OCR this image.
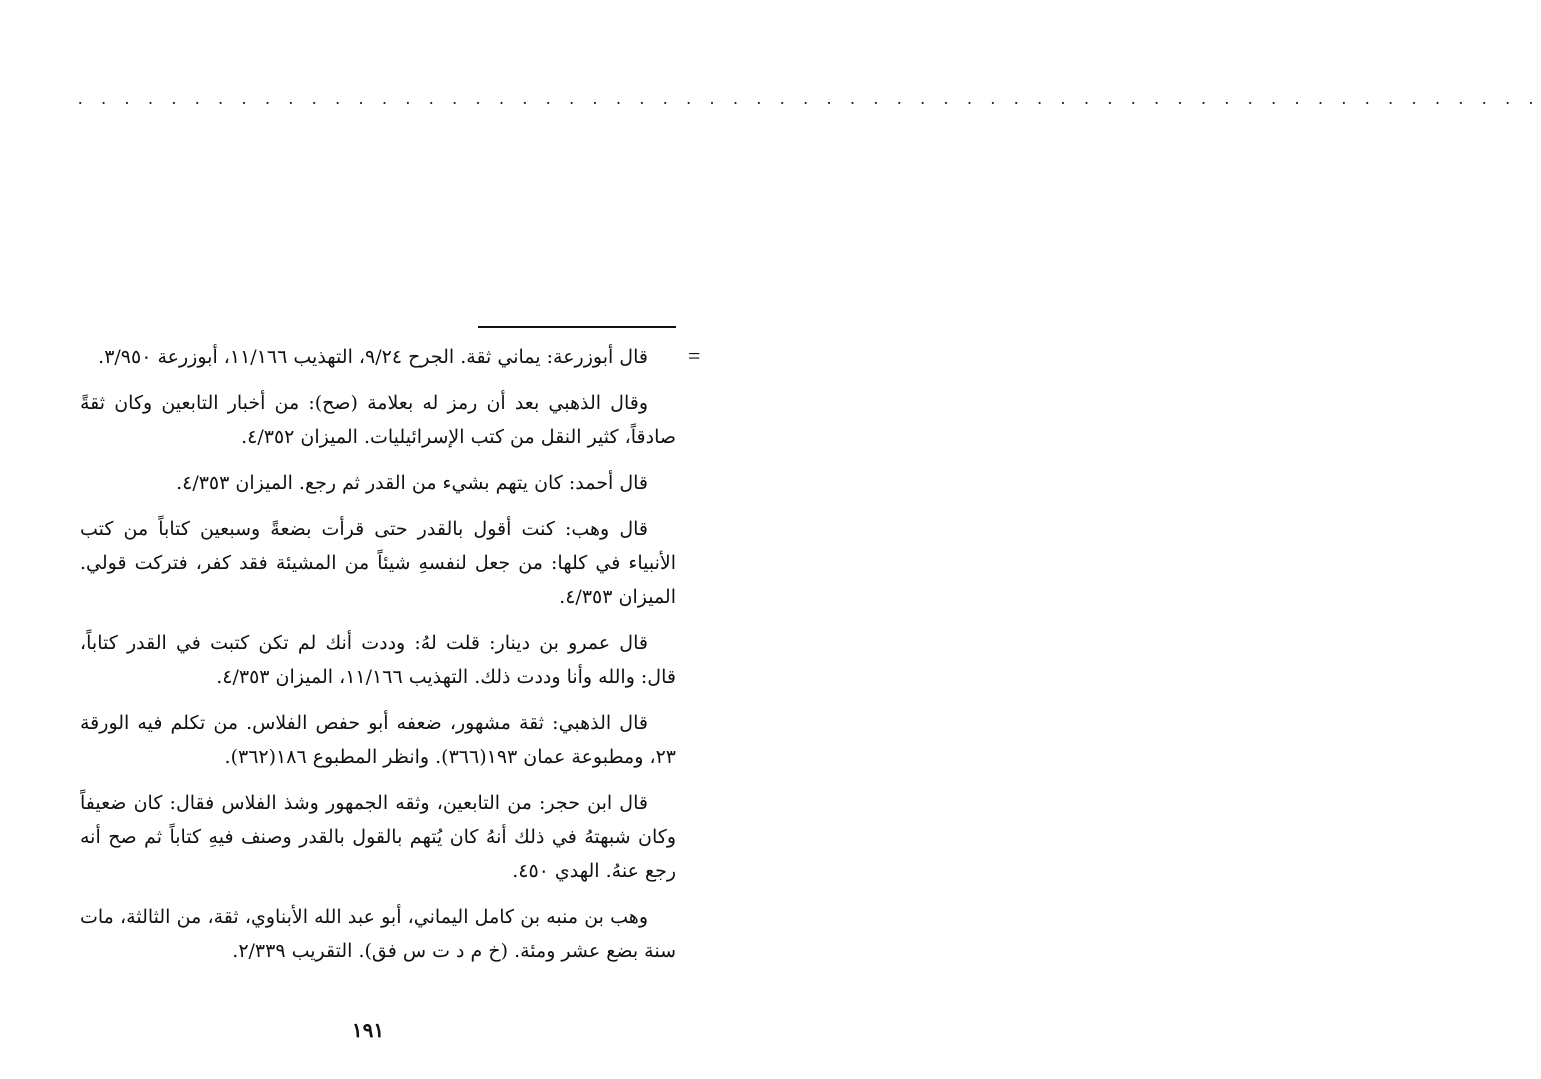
. . . . . . . . . . . . . . . . . . . . . . . . . . . . . . . . . . . . . . . . . . . . . . . . . . . . . . . . . . . . . . .
=

قال أبوزرعة: يماني ثقة. الجرح ٩/٢٤، التهذيب ١١/١٦٦، أبوزرعة ٣/٩٥٠.

وقال الذهبي بعد أن رمز له بعلامة (صح): من أخبار التابعين وكان ثقةً صادقاً، كثير النقل من كتب الإسرائيليات. الميزان ٤/٣٥٢.

قال أحمد: كان يتهم بشيء من القدر ثم رجع. الميزان ٤/٣٥٣.

قال وهب: كنت أقول بالقدر حتى قرأت بضعةً وسبعين كتاباً من كتب الأنبياء في كلها: من جعل لنفسهِ شيئاً من المشيئة فقد كفر، فتركت قولي. الميزان ٤/٣٥٣.

قال عمرو بن دينار: قلت لهُ: وددت أنك لم تكن كتبت في القدر كتاباً، قال: والله وأنا وددت ذلك. التهذيب ١١/١٦٦، الميزان ٤/٣٥٣.

قال الذهبي: ثقة مشهور، ضعفه أبو حفص الفلاس. من تكلم فيه الورقة ٢٣، ومطبوعة عمان ١٩٣(٣٦٦). وانظر المطبوع ١٨٦(٣٦٢).

قال ابن حجر: من التابعين، وثقه الجمهور وشذ الفلاس فقال: كان ضعيفاً وكان شبهتهُ في ذلك أنهُ كان يُتهم بالقول بالقدر وصنف فيهِ كتاباً ثم صح أنه رجع عنهُ. الهدي ٤٥٠.

وهب بن منبه بن كامل اليماني، أبو عبد الله الأبناوي، ثقة، من الثالثة، مات سنة بضع عشر ومئة. (خ م د ت س فق). التقريب ٢/٣٣٩.

١٩١
